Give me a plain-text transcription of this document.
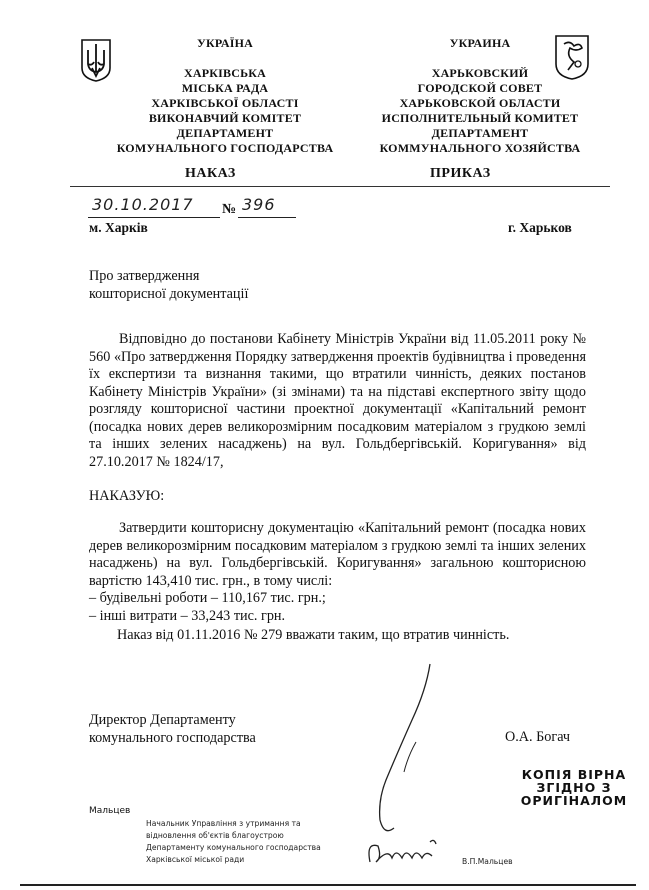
УКРАЇНА
ХАРКІВСЬКА
МІСЬКА РАДА
ХАРКІВСЬКОЇ ОБЛАСТІ
ВИКОНАВЧИЙ КОМІТЕТ
ДЕПАРТАМЕНТ
КОМУНАЛЬНОГО ГОСПОДАРСТВА
УКРАИНА
ХАРЬКОВСКИЙ
ГОРОДСКОЙ СОВЕТ
ХАРЬКОВСКОЙ ОБЛАСТИ
ИСПОЛНИТЕЛЬНЫЙ КОМИТЕТ
ДЕПАРТАМЕНТ
КОММУНАЛЬНОГО ХОЗЯЙСТВА
НАКАЗ	ПРИКАЗ
30.10.2017 № 396
м. Харків	г. Харьков
Про затвердження
кошторисної документації

Відповідно до постанови Кабінету Міністрів України від 11.05.2011 року № 560 «Про затвердження Порядку затвердження проектів будівництва і проведення їх експертизи та визнання такими, що втратили чинність, деяких постанов Кабінету Міністрів України» (зі змінами) та на підставі експертного звіту щодо розгляду кошторисної частини проектної документації «Капітальний ремонт (посадка нових дерев великорозмірним посадковим матеріалом з грудкою землі та інших зелених насаджень) на вул. Гольдбергівській. Коригування» від 27.10.2017 № 1824/17,

НАКАЗУЮ:

Затвердити кошторисну документацію «Капітальний ремонт (посадка нових дерев великорозмірним посадковим матеріалом з грудкою землі та інших зелених насаджень) на вул. Гольдбергівській. Коригування» загальною кошторисною вартістю 143,410 тис. грн., в тому числі:

– будівельні роботи – 110,167 тис. грн.;
– інші витрати – 33,243 тис. грн.
Наказ від 01.11.2016 № 279 вважати таким, що втратив чинність.
Директор Департаменту
комунального господарства	О.А. Богач
КОПІЯ ВІРНА
ЗГІДНО З
ОРИГІНАЛОМ
Мальцев
Начальник Управління з утримання та
відновлення об'єктів благоустрою
Департаменту комунального господарства
Харківської міської ради	В.П.Мальцев
